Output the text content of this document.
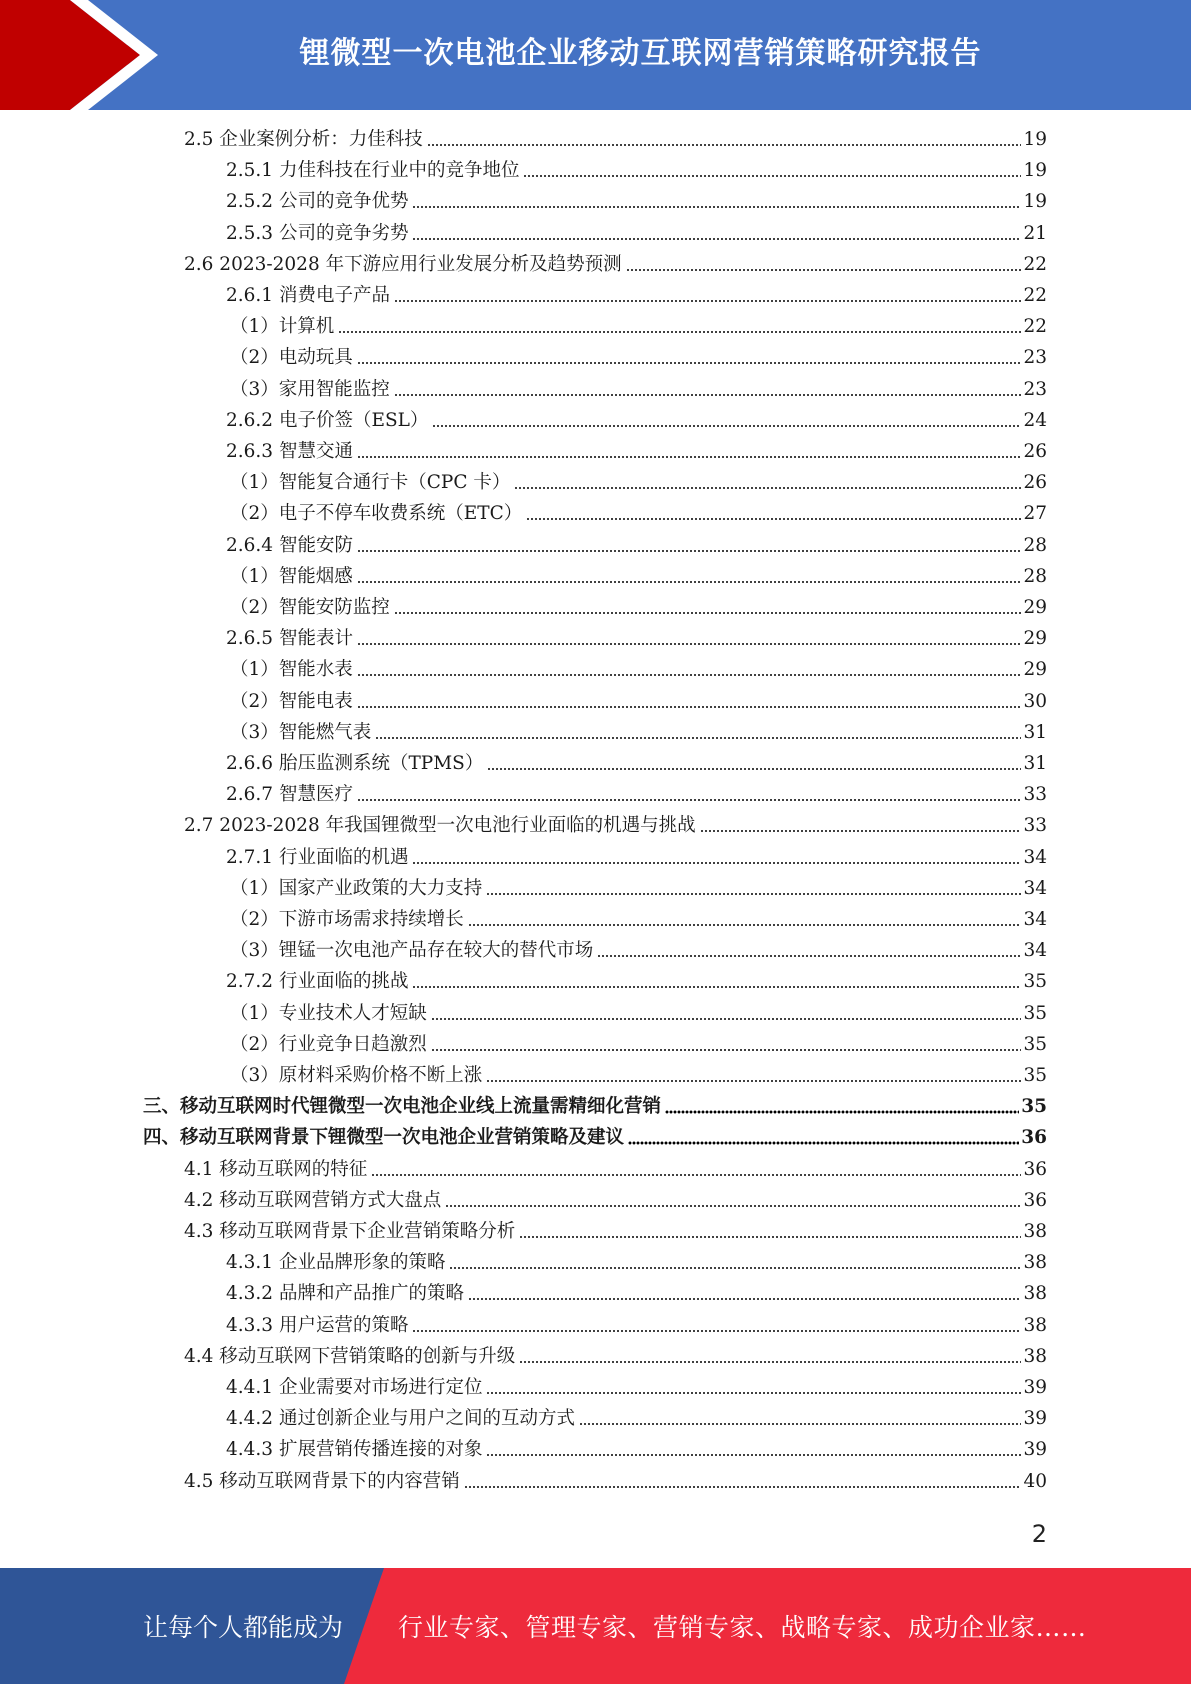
锂微型一次电池企业移动互联网营销策略研究报告
2.5 企业案例分析：力佳科技	19
2.5.1 力佳科技在行业中的竞争地位	19
2.5.2 公司的竞争优势	19
2.5.3 公司的竞争劣势	21
2.6 2023-2028 年下游应用行业发展分析及趋势预测	22
2.6.1 消费电子产品	22
（1）计算机	22
（2）电动玩具	23
（3）家用智能监控	23
2.6.2 电子价签（ESL）	24
2.6.3 智慧交通	26
（1）智能复合通行卡（CPC 卡）	26
（2）电子不停车收费系统（ETC）	27
2.6.4 智能安防	28
（1）智能烟感	28
（2）智能安防监控	29
2.6.5 智能表计	29
（1）智能水表	29
（2）智能电表	30
（3）智能燃气表	31
2.6.6 胎压监测系统（TPMS）	31
2.6.7 智慧医疗	33
2.7 2023-2028 年我国锂微型一次电池行业面临的机遇与挑战	33
2.7.1 行业面临的机遇	34
（1）国家产业政策的大力支持	34
（2）下游市场需求持续增长	34
（3）锂锰一次电池产品存在较大的替代市场	34
2.7.2 行业面临的挑战	35
（1）专业技术人才短缺	35
（2）行业竞争日趋激烈	35
（3）原材料采购价格不断上涨	35
三、移动互联网时代锂微型一次电池企业线上流量需精细化营销	35
四、移动互联网背景下锂微型一次电池企业营销策略及建议	36
4.1 移动互联网的特征	36
4.2 移动互联网营销方式大盘点	36
4.3 移动互联网背景下企业营销策略分析	38
4.3.1 企业品牌形象的策略	38
4.3.2 品牌和产品推广的策略	38
4.3.3 用户运营的策略	38
4.4 移动互联网下营销策略的创新与升级	38
4.4.1 企业需要对市场进行定位	39
4.4.2 通过创新企业与用户之间的互动方式	39
4.4.3 扩展营销传播连接的对象	39
4.5 移动互联网背景下的内容营销	40
2
让每个人都能成为 行业专家、管理专家、营销专家、战略专家、成功企业家……
